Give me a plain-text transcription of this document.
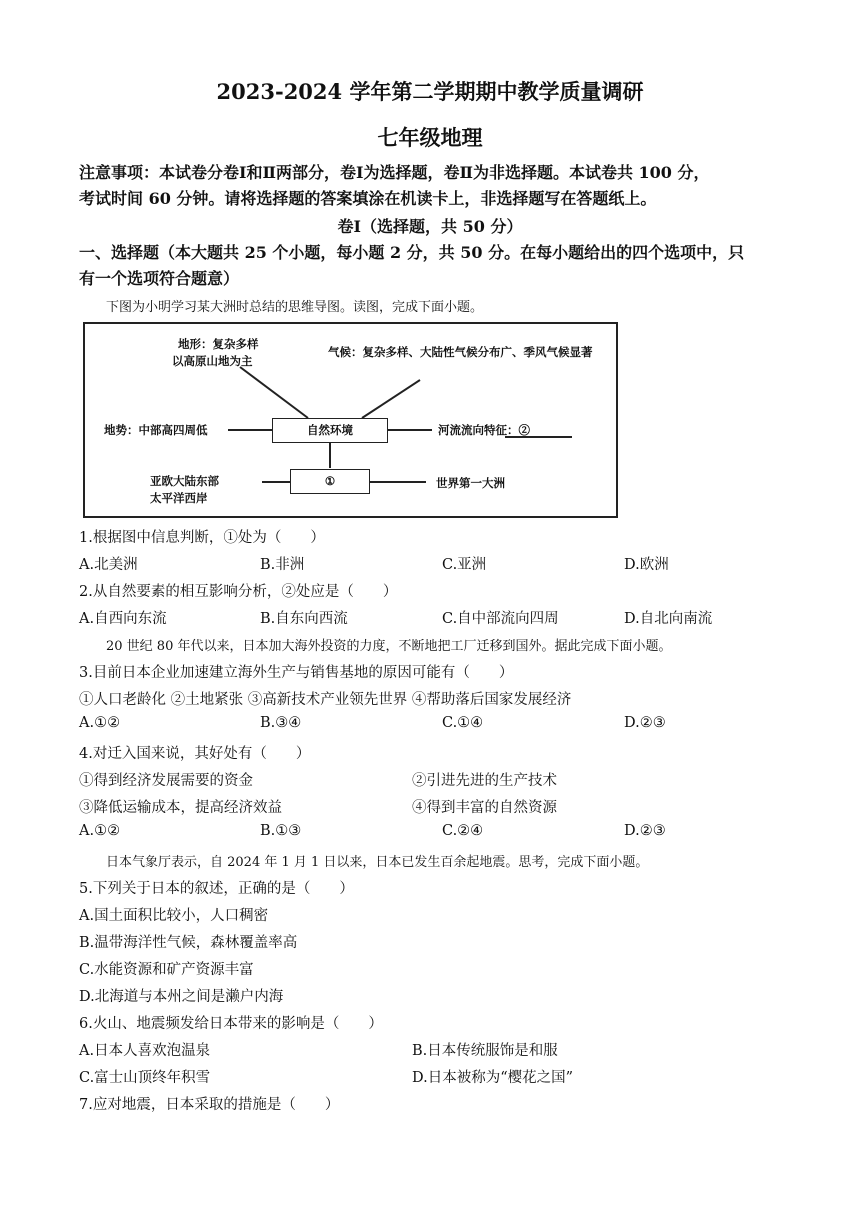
2023-2024 学年第二学期期中教学质量调研
七年级地理
注意事项：本试卷分卷Ⅰ和Ⅱ两部分，卷Ⅰ为选择题，卷Ⅱ为非选择题。本试卷共 100 分，
考试时间 60 分钟。请将选择题的答案填涂在机读卡上，非选择题写在答题纸上。
卷Ⅰ（选择题，共 50 分）
一、选择题（本大题共 25 个小题，每小题 2 分，共 50 分。在每小题给出的四个选项中，只
有一个选项符合题意）
下图为小明学习某大洲时总结的思维导图。读图，完成下面小题。
地形：复杂多样
以高原山地为主
气候：复杂多样、大陆性气候分布广、季风气候显著
地势：中部高四周低	自然环境	河流流向特征：②
亚欧大陆东部
太平洋西岸
①	世界第一大洲
1.根据图中信息判断，①处为（　　）
A.北美洲	B.非洲	C.亚洲	D.欧洲
2.从自然要素的相互影响分析，②处应是（　　）
A.自西向东流	B.自东向西流	C.自中部流向四周	D.自北向南流
20 世纪 80 年代以来，日本加大海外投资的力度，不断地把工厂迁移到国外。据此完成下面小题。
3.目前日本企业加速建立海外生产与销售基地的原因可能有（　　）
①人口老龄化 ②土地紧张 ③高新技术产业领先世界 ④帮助落后国家发展经济
A.①②	B.③④	C.①④	D.②③
4.对迁入国来说，其好处有（　　）
①得到经济发展需要的资金	②引进先进的生产技术
③降低运输成本，提高经济效益	④得到丰富的自然资源
A.①②	B.①③	C.②④	D.②③
日本气象厅表示，自 2024 年 1 月 1 日以来，日本已发生百余起地震。思考，完成下面小题。
5.下列关于日本的叙述，正确的是（　　）
A.国土面积比较小，人口稠密
B.温带海洋性气候，森林覆盖率高
C.水能资源和矿产资源丰富
D.北海道与本州之间是濑户内海
6.火山、地震频发给日本带来的影响是（　　）
A.日本人喜欢泡温泉	B.日本传统服饰是和服
C.富士山顶终年积雪	D.日本被称为“樱花之国”
7.应对地震，日本采取的措施是（　　）
